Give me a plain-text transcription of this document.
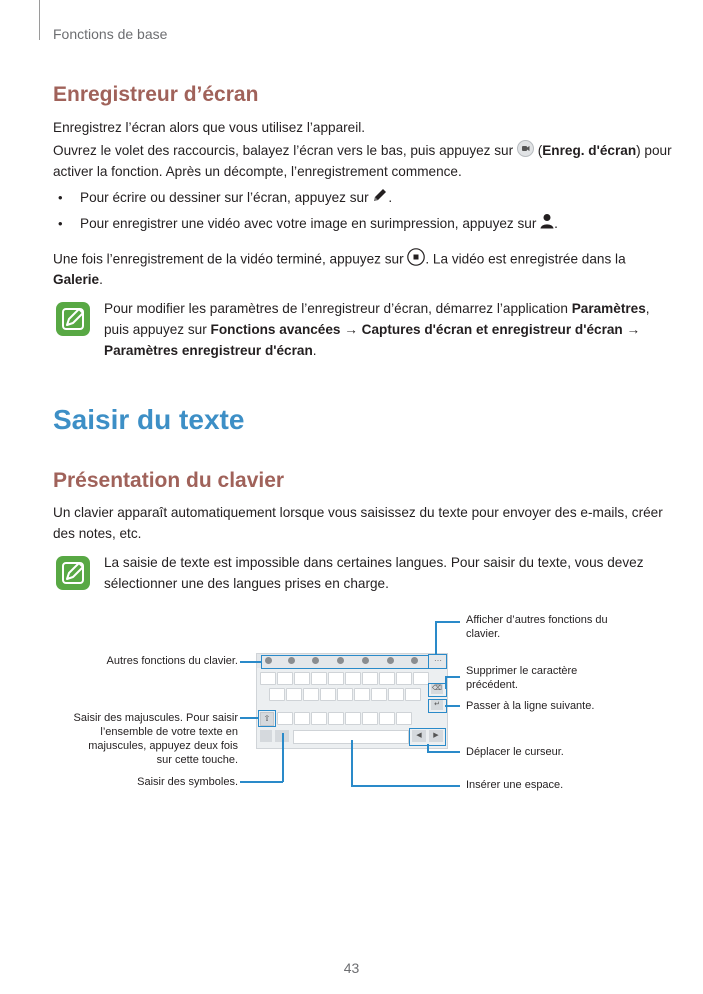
Fonctions de base
Enregistreur d’écran
Enregistrez l’écran alors que vous utilisez l’appareil.
Ouvrez le volet des raccourcis, balayez l’écran vers le bas, puis appuyez sur  (Enreg. d'écran) pour
activer la fonction. Après un décompte, l’enregistrement commence.
• Pour écrire ou dessiner sur l’écran, appuyez sur .
• Pour enregistrer une vidéo avec votre image en surimpression, appuyez sur .
Une fois l’enregistrement de la vidéo terminé, appuyez sur . La vidéo est enregistrée dans la
Galerie.
Pour modifier les paramètres de l’enregistreur d’écran, démarrez l’application Paramètres,
puis appuyez sur Fonctions avancées → Captures d'écran et enregistreur d'écran →
Paramètres enregistreur d'écran.
Saisir du texte
Présentation du clavier
Un clavier apparaît automatiquement lorsque vous saisissez du texte pour envoyer des e-mails, créer
des notes, etc.
La saisie de texte est impossible dans certaines langues. Pour saisir du texte, vous devez
sélectionner une des langues prises en charge.
⋯
⇧
⌫
↵
◀	▶
Afficher d’autres fonctions du
clavier.
Autres fonctions du clavier.
Supprimer le caractère
précédent.
Passer à la ligne suivante.
Saisir des majuscules. Pour saisir
l’ensemble de votre texte en
majuscules, appuyez deux fois
sur cette touche.
Déplacer le curseur.
Saisir des symboles.	Insérer une espace.
43
